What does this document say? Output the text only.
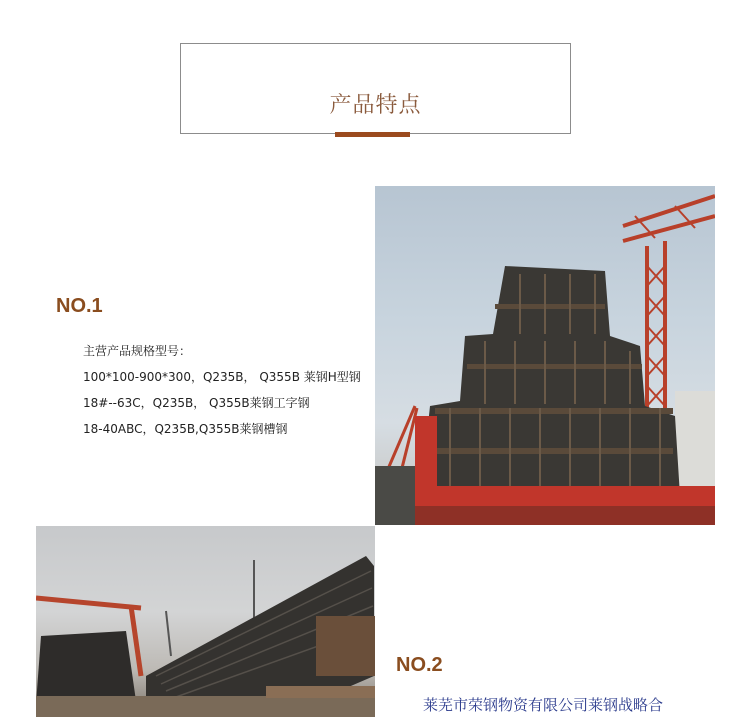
产品特点
NO.1
主营产品规格型号：
100*100-900*300，Q235B， Q355B 莱钢H型钢
18#--63C，Q235B， Q355B莱钢工字钢
18-40ABC，Q235B,Q355B莱钢槽钢
NO.2
莱芜市荣钢物资有限公司莱钢战略合
